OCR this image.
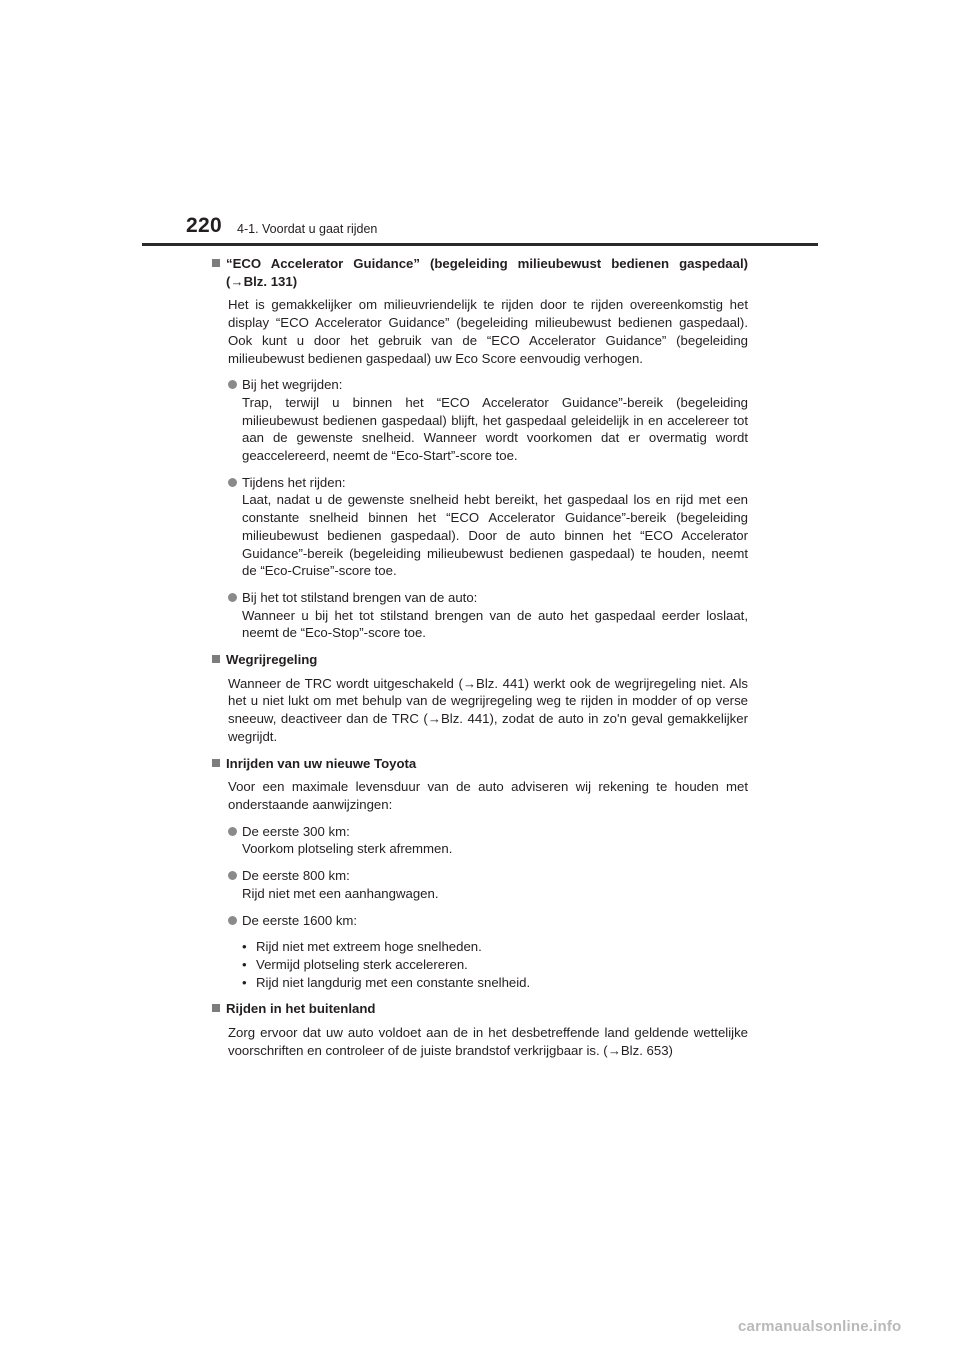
220 4-1. Voordat u gaat rijden
“ECO Accelerator Guidance” (begeleiding milieubewust bedienen gaspedaal) (→Blz. 131)
Het is gemakkelijker om milieuvriendelijk te rijden door te rijden overeenkomstig het display “ECO Accelerator Guidance” (begeleiding milieubewust bedienen gaspedaal). Ook kunt u door het gebruik van de “ECO Accelerator Guidance” (begeleiding milieubewust bedienen gaspedaal) uw Eco Score eenvoudig verhogen.
Bij het wegrijden:
Trap, terwijl u binnen het “ECO Accelerator Guidance”-bereik (begeleiding milieubewust bedienen gaspedaal) blijft, het gaspedaal geleidelijk in en accelereer tot aan de gewenste snelheid. Wanneer wordt voorkomen dat er overmatig wordt geaccelereerd, neemt de “Eco-Start”-score toe.
Tijdens het rijden:
Laat, nadat u de gewenste snelheid hebt bereikt, het gaspedaal los en rijd met een constante snelheid binnen het “ECO Accelerator Guidance”-bereik (begeleiding milieubewust bedienen gaspedaal). Door de auto binnen het “ECO Accelerator Guidance”-bereik (begeleiding milieubewust bedienen gaspedaal) te houden, neemt de “Eco-Cruise”-score toe.
Bij het tot stilstand brengen van de auto:
Wanneer u bij het tot stilstand brengen van de auto het gaspedaal eerder loslaat, neemt de “Eco-Stop”-score toe.
Wegrijregeling
Wanneer de TRC wordt uitgeschakeld (→Blz. 441) werkt ook de wegrijregeling niet. Als het u niet lukt om met behulp van de wegrijregeling weg te rijden in modder of op verse sneeuw, deactiveer dan de TRC (→Blz. 441), zodat de auto in zo'n geval gemakkelijker wegrijdt.
Inrijden van uw nieuwe Toyota
Voor een maximale levensduur van de auto adviseren wij rekening te houden met onderstaande aanwijzingen:
De eerste 300 km:
Voorkom plotseling sterk afremmen.
De eerste 800 km:
Rijd niet met een aanhangwagen.
De eerste 1600 km:
• Rijd niet met extreem hoge snelheden.
• Vermijd plotseling sterk accelereren.
• Rijd niet langdurig met een constante snelheid.
Rijden in het buitenland
Zorg ervoor dat uw auto voldoet aan de in het desbetreffende land geldende wettelijke voorschriften en controleer of de juiste brandstof verkrijgbaar is. (→Blz. 653)
carmanualsonline.info
